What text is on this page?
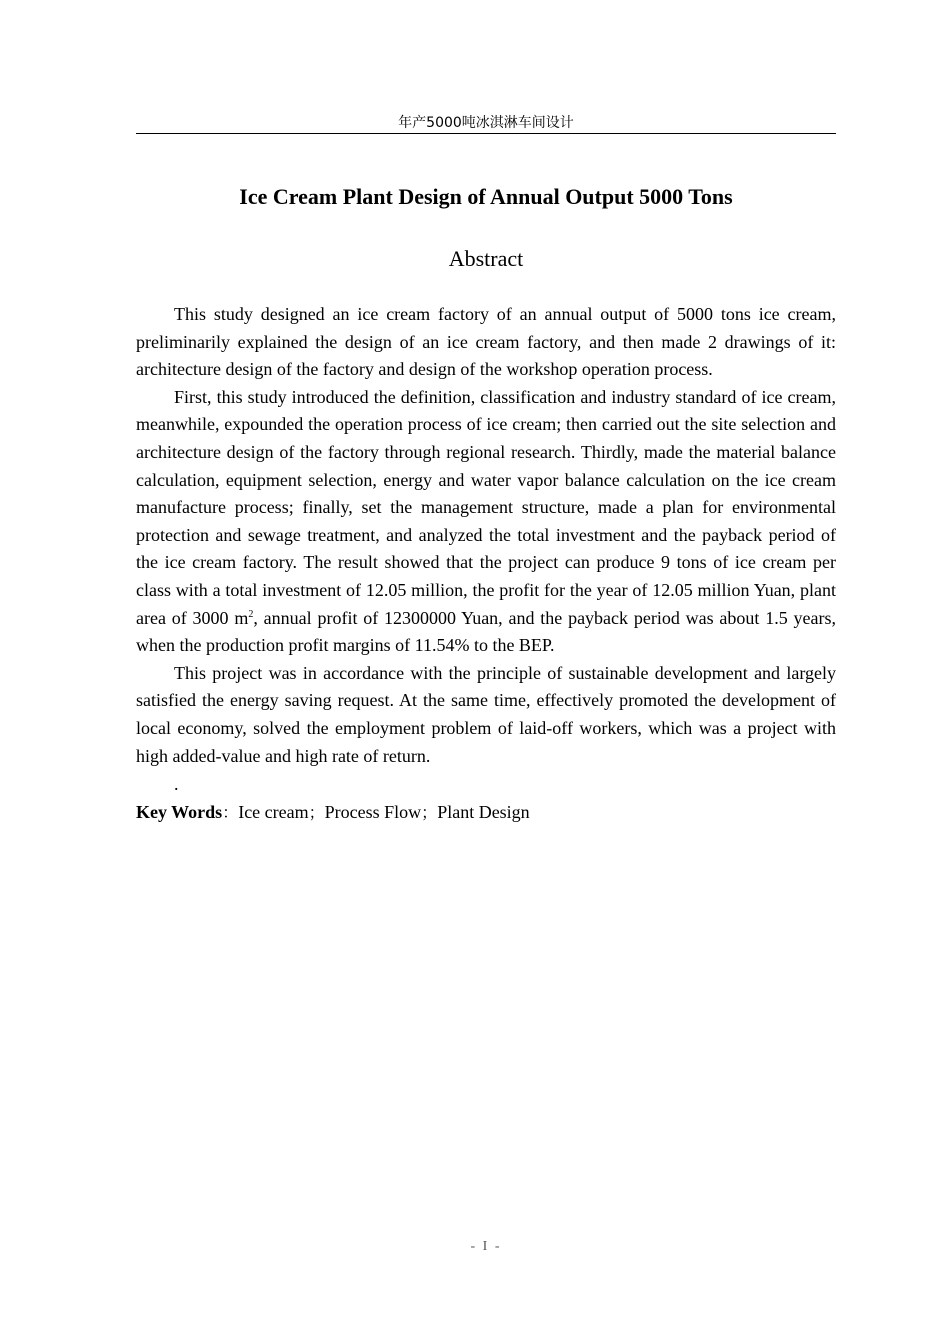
年产5000吨冰淇淋车间设计
Ice Cream Plant Design of Annual Output 5000 Tons
Abstract

This study designed an ice cream factory of an annual output of 5000 tons ice cream, preliminarily explained the design of an ice cream factory, and then made 2 drawings of it: architecture design of the factory and design of the workshop operation process.

First, this study introduced the definition, classification and industry standard of ice cream, meanwhile, expounded the operation process of ice cream; then carried out the site selection and architecture design of the factory through regional research. Thirdly, made the material balance calculation, equipment selection, energy and water vapor balance calculation on the ice cream manufacture process; finally, set the management structure, made a plan for environmental protection and sewage treatment, and analyzed the total investment and the payback period of the ice cream factory. The result showed that the project can produce 9 tons of ice cream per class with a total investment of 12.05 million, the profit for the year of 12.05 million Yuan, plant area of 3000 $m^2$, annual profit of 12300000 Yuan, and the payback period was about 1.5 years, when the production profit margins of 11.54% to the BEP.

This project was in accordance with the principle of sustainable development and largely satisfied the energy saving request. At the same time, effectively promoted the development of local economy, solved the employment problem of laid-off workers, which was a project with high added-value and high rate of return.

.
Key Words：Ice cream；Process Flow；Plant Design
- I -
